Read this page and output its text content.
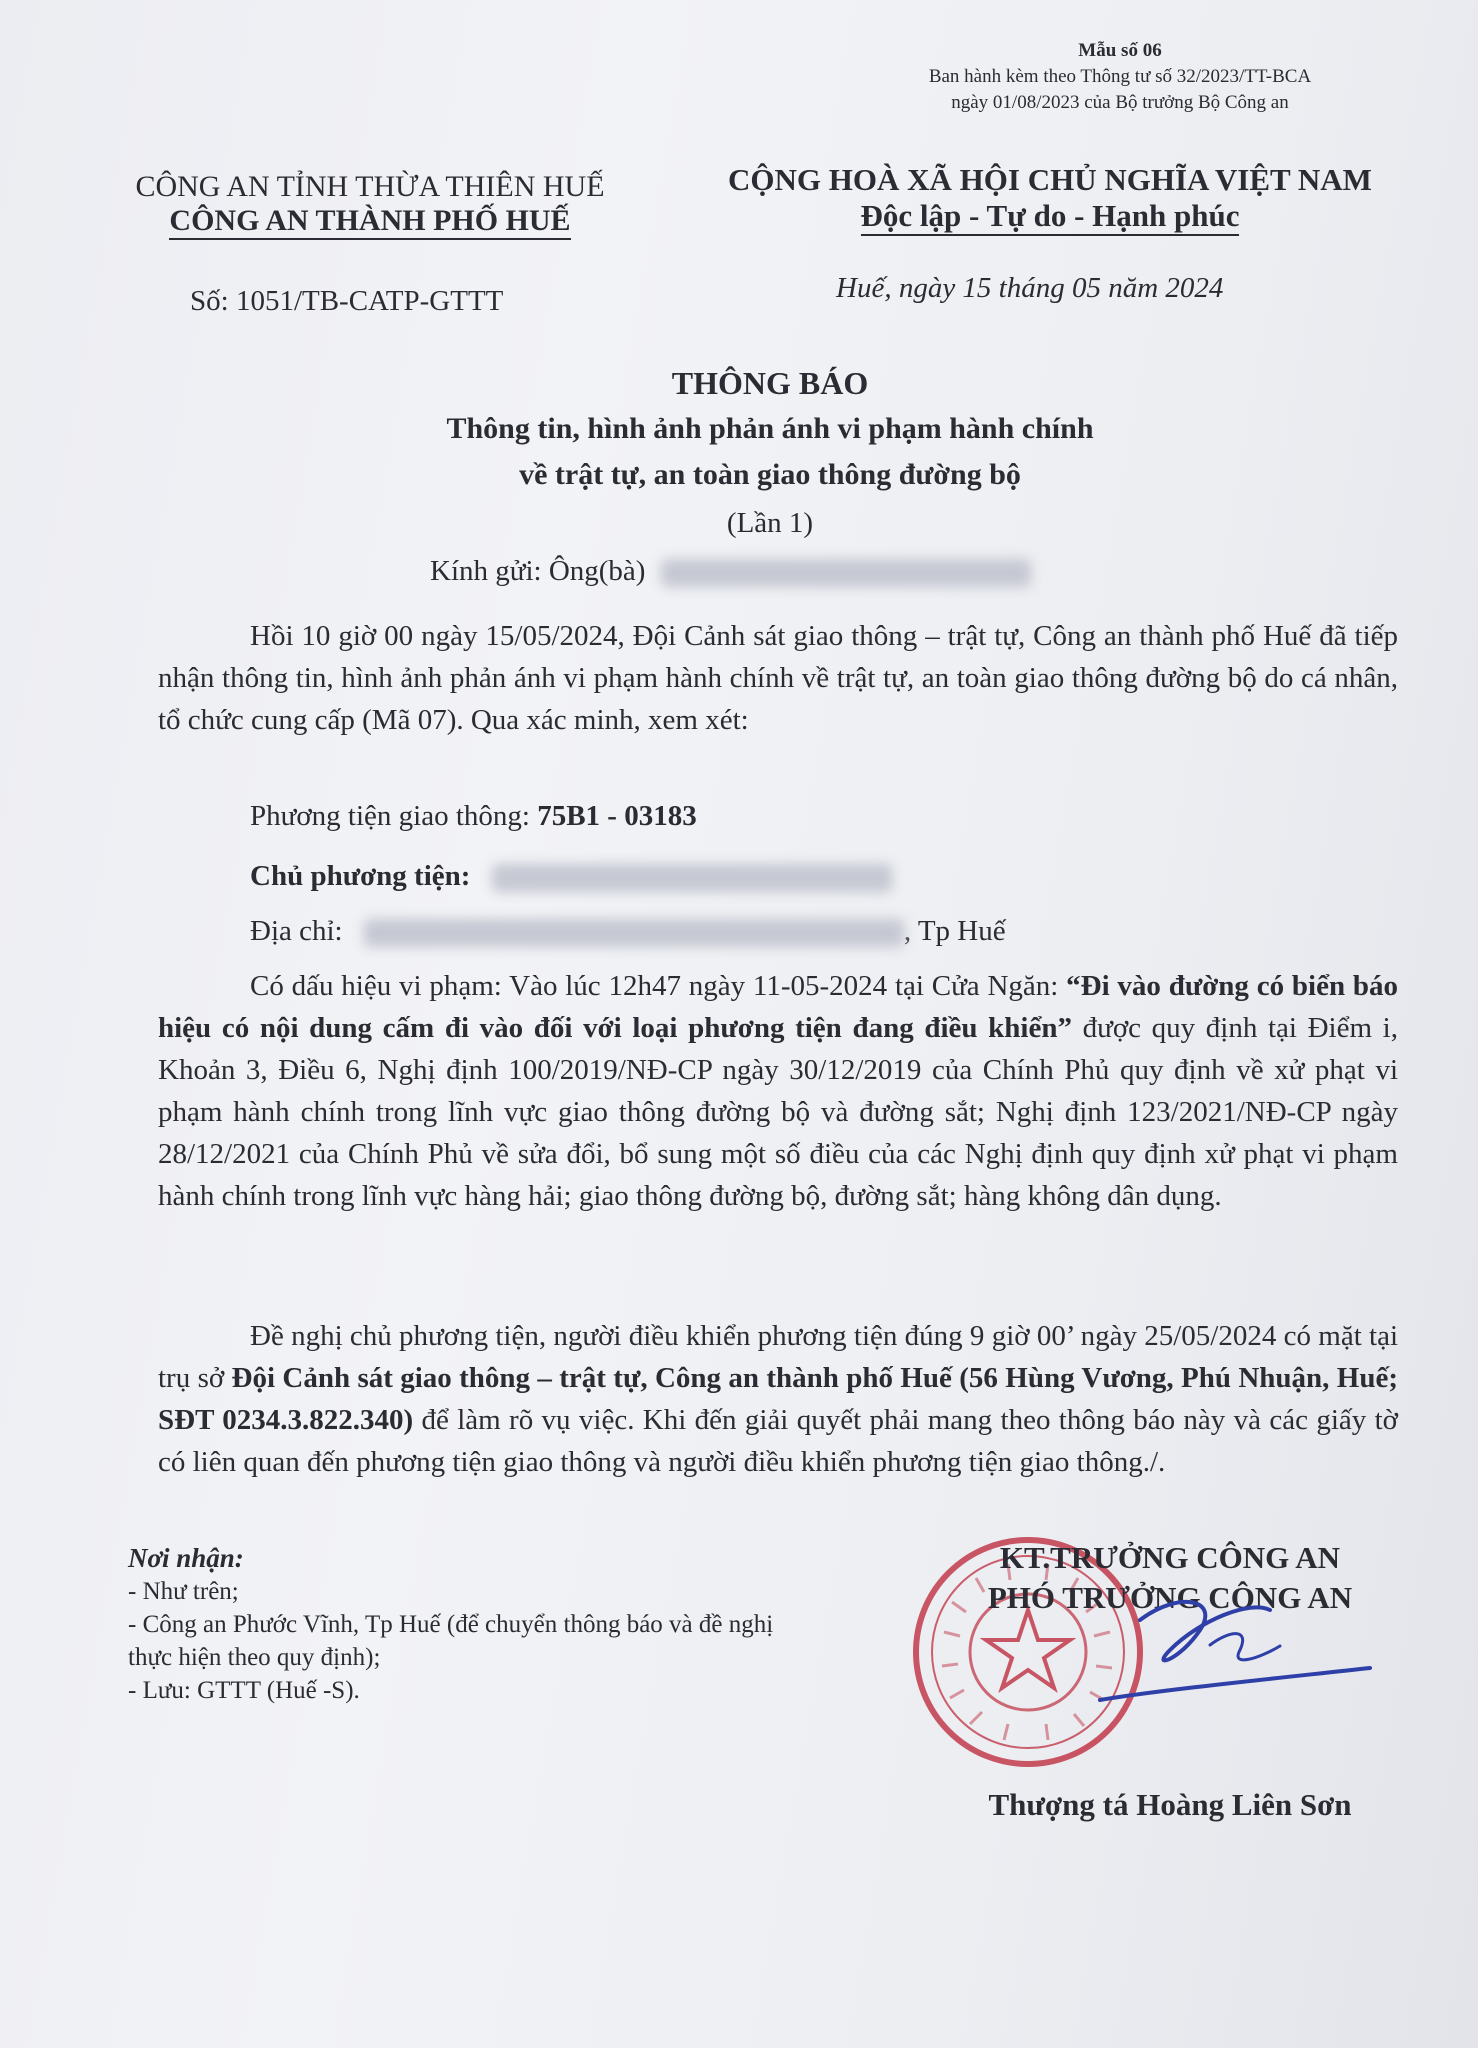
Mẫu số 06
Ban hành kèm theo Thông tư số 32/2023/TT-BCA
ngày 01/08/2023 của Bộ trưởng Bộ Công an
CÔNG AN TỈNH THỪA THIÊN HUẾ
CÔNG AN THÀNH PHỐ HUẾ
Số: 1051/TB-CATP-GTTT
CỘNG HOÀ XÃ HỘI CHỦ NGHĨA VIỆT NAM
Độc lập - Tự do - Hạnh phúc
Huế, ngày 15 tháng 05 năm 2024
THÔNG BÁO
Thông tin, hình ảnh phản ánh vi phạm hành chính
về trật tự, an toàn giao thông đường bộ
(Lần 1)
Kính gửi: Ông(bà)
Hồi 10 giờ 00 ngày 15/05/2024, Đội Cảnh sát giao thông – trật tự, Công an thành phố Huế đã tiếp nhận thông tin, hình ảnh phản ánh vi phạm hành chính về trật tự, an toàn giao thông đường bộ do cá nhân, tổ chức cung cấp (Mã 07). Qua xác minh, xem xét:
Phương tiện giao thông: 75B1 - 03183
Chủ phương tiện:
Địa chỉ:	, Tp Huế
Có dấu hiệu vi phạm: Vào lúc 12h47 ngày 11-05-2024 tại Cửa Ngăn: “Đi vào đường có biển báo hiệu có nội dung cấm đi vào đối với loại phương tiện đang điều khiển” được quy định tại Điểm i, Khoản 3, Điều 6, Nghị định 100/2019/NĐ-CP ngày 30/12/2019 của Chính Phủ quy định về xử phạt vi phạm hành chính trong lĩnh vực giao thông đường bộ và đường sắt; Nghị định 123/2021/NĐ-CP ngày 28/12/2021 của Chính Phủ về sửa đổi, bổ sung một số điều của các Nghị định quy định xử phạt vi phạm hành chính trong lĩnh vực hàng hải; giao thông đường bộ, đường sắt; hàng không dân dụng.
Đề nghị chủ phương tiện, người điều khiển phương tiện đúng 9 giờ 00’ ngày 25/05/2024 có mặt tại trụ sở Đội Cảnh sát giao thông – trật tự, Công an thành phố Huế (56 Hùng Vương, Phú Nhuận, Huế; SĐT 0234.3.822.340) để làm rõ vụ việc. Khi đến giải quyết phải mang theo thông báo này và các giấy tờ có liên quan đến phương tiện giao thông và người điều khiển phương tiện giao thông./.
Nơi nhận:
- Như trên;
- Công an Phước Vĩnh, Tp Huế (để chuyển thông báo và đề nghị thực hiện theo quy định);
- Lưu: GTTT (Huế -S).
KT.TRƯỞNG CÔNG AN
PHÓ TRƯỞNG CÔNG AN
Thượng tá Hoàng Liên Sơn
